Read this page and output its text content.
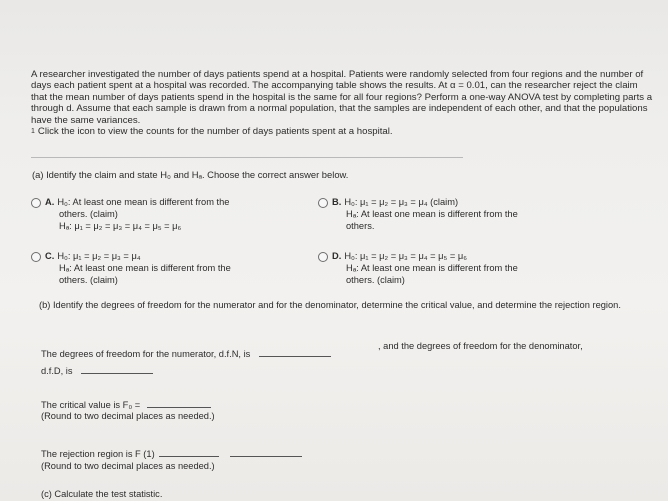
A researcher investigated the number of days patients spend at a hospital. Patients were randomly selected from four regions and the number of days each patient spent at a hospital was recorded. The accompanying table shows the results. At α = 0.01, can the researcher reject the claim that the mean number of days patients spend in the hospital is the same for all four regions? Perform a one-way ANOVA test by completing parts a through d. Assume that each sample is drawn from a normal population, that the samples are independent of each other, and that the populations have the same variances.

1 Click the icon to view the counts for the number of days patients spent at a hospital.
(a) Identify the claim and state H₀ and Hₐ. Choose the correct answer below.
A. H₀: At least one mean is different from the
others. (claim)
Hₐ: μ₁ = μ₂ = μ₃ = μ₄ = μ₅ = μ₆
B. H₀: μ₁ = μ₂ = μ₃ = μ₄ (claim)
Hₐ: At least one mean is different from the
others.
C. H₀: μ₁ = μ₂ = μ₃ = μ₄
Hₐ: At least one mean is different from the
others. (claim)
D. H₀: μ₁ = μ₂ = μ₃ = μ₄ = μ₅ = μ₆
Hₐ: At least one mean is different from the
others. (claim)

(b) Identify the degrees of freedom for the numerator and for the denominator, determine the critical value, and determine the rejection region.

The degrees of freedom for the numerator, d.f.N, is
, and the degrees of freedom for the denominator,
d.f.D, is
The critical value is F₀ =
(Round to two decimal places as needed.)
The rejection region is F (1)
(Round to two decimal places as needed.)
(c) Calculate the test statistic.
